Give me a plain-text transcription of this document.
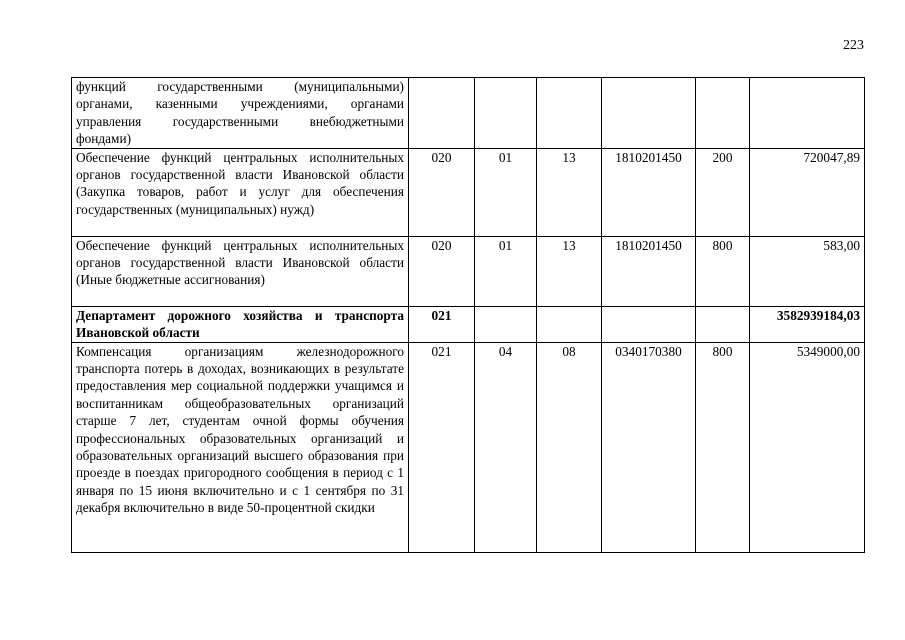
223
функций государственными (муниципальными) органами, казенными учреждениями, органами управления государственными внебюджетными фондами)						

Обеспечение функций центральных исполнительных органов государственной власти Ивановской области (Закупка товаров, работ и услуг для обеспечения государственных (муниципальных) нужд)	020	01	13	1810201450	200	720047,89

Обеспечение функций центральных исполнительных органов государственной власти Ивановской области (Иные бюджетные ассигнования)	020	01	13	1810201450	800	583,00

Департамент дорожного хозяйства и транспорта Ивановской области	021					3582939184,03

Компенсация организациям железнодорожного транспорта потерь в доходах, возникающих в результате предоставления мер социальной поддержки учащимся и воспитанникам общеобразовательных организаций старше 7 лет, студентам очной формы обучения профессиональных образовательных организаций и образовательных организаций высшего образования при проезде в поездах пригородного сообщения в период с 1 января по 15 июня включительно и с 1 сентября по 31 декабря включительно в виде 50-процентной скидки	021	04	08	0340170380	800	5349000,00
